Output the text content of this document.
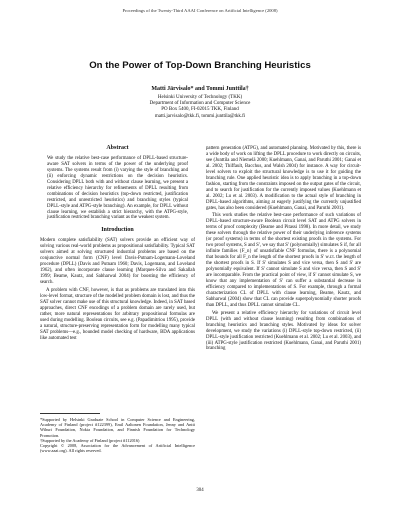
Proceedings of the Twenty-Third AAAI Conference on Artificial Intelligence (2008)
On the Power of Top-Down Branching Heuristics
Matti Järvisalo* and Tommi Junttila†
Helsinki University of Technology (TKK)
Department of Information and Computer Science
PO Box 5400, FI-02015 TKK, Finland
matti.jarvisalo@tkk.fi, tommi.junttila@tkk.fi
Abstract

We study the relative best-case performance of DPLL-based structure-aware SAT solvers in terms of the power of the underlying proof systems. The systems result from (i) varying the style of branching and (ii) enforcing dynamic restrictions on the decision heuristics. Considering DPLL both with and without clause learning, we present a relative efficiency hierarchy for refinements of DPLL resulting from combinations of decision heuristics (top-down restricted, justification restricted, and unrestricted heuristics) and branching styles (typical DPLL-style and ATPG-style branching). An example, for DPLL without clause learning, we establish a strict hierarchy, with the ATPG-style, justification restricted branching variant as the weakest system.

Introduction

Modern complete satisfiability (SAT) solvers provide an efficient way of solving various real-world problems as propositional satisfiability. Typical SAT solvers aimed at solving structured industrial problems are based on the conjunctive normal form (CNF) level Davis-Putnam-Logemann-Loveland procedure (DPLL) (Davis and Putnam 1960; Davis, Logemann, and Loveland 1962), and often incorporate clause learning (Marques-Silva and Sakallah 1999; Beame, Kautz, and Sabharwal 2004) for boosting the efficiency of search.

A problem with CNF, however, is that as problems are translated into this low-level format, structure of the modelled problem domain is lost, and thus the SAT solver cannot make use of this structural knowledge. Indeed, in SAT based approaches, direct CNF encodings of a problem domain are rarely used, but rather, more natural representations for arbitrary propositional formulas are used during modelling. Boolean circuits, see e.g. (Papadimitriou 1995), provide a natural, structure-preserving representation form for modelling many typical SAT problems—e.g., bounded model checking of hardware, BDA applications like automated test

pattern generation (ATPG), and automated planning. Motivated by this, there is a wide body of work on lifting the DPLL procedure to work directly on circuits, see (Junttila and Niemelä 2000; Kuehlmann, Ganai, and Paruthi 2001; Ganai et al. 2002; Thiffault, Bacchus, and Walsh 2004) for instance. A way for circuit-level solvers to exploit the structural knowledge is to use it for guiding the branching rule. One applied heuristic idea is to apply branching in a top-down fashion, starting from the constraints imposed on the output gates of the circuit, and to search for justification for the currently imposed values (Kuehlmann et al. 2002; Lu et al. 2003). A modification to the actual style of branching in DPLL-based algorithms, aiming at eagerly justifying the currently unjustified gates, has also been considered (Kuehlmann, Ganai, and Paruthi 2001).

This work studies the relative best-case performance of such variations of DPLL-based structure-aware Boolean circuit level SAT and ATPG solvers in terms of proof complexity (Beame and Pitassi 1998). In more detail, we study these solvers through the relative power of their underlying inference systems (or proof systems) in terms of the shortest existing proofs in the systems. For two proof systems, S and S', we say that S' (polynomially) simulates S if, for all infinite families {F_n} of unsatisfiable CNF formulas, there is a polynomial that bounds for all F_n the length of the shortest proofs in S' w.r.t. the length of the shortest proofs in S. If S' simulates S and vice versa, then S and S' are polynomially equivalent. If S' cannot simulate S and vice versa, then S and S' are incomparable. From the practical point of view, if S' cannot simulate S, we know that any implementation of S' can suffer a substantial decrease in efficiency compared to implementations of S. For example, through a formal characterization CL of DPLL with clause learning, Beame, Kautz, and Sabharwal (2004) show that CL can provide superpolynomially shorter proofs than DPLL, and thus DPLL cannot simulate CL.

We present a relative efficiency hierarchy for variations of circuit level DPLL (with and without clause learning) resulting from combinations of branching heuristics and branching styles. Motivated by ideas for solver development, we study the variations (i) DPLL-style top-down restricted, (ii) DPLL-style justification restricted (Kuehlmann et al. 2002; Lu et al. 2003), and (iii) ATPG-style justification restricted (Kuehlmann, Ganai, and Paruthi 2001) branching

*Supported by Helsinki Graduate School in Computer Science and Engineering, Academy of Finland (project #122399), Emil Aaltonen Foundation, Jenny and Antti Wihuri Foundation, Nokia Foundation, and Finnish Foundation for Technology Promotion.
†Supported by the Academy of Finland (project #112016)
Copyright © 2008, Association for the Advancement of Artificial Intelligence (www.aaai.org). All rights reserved.
304
